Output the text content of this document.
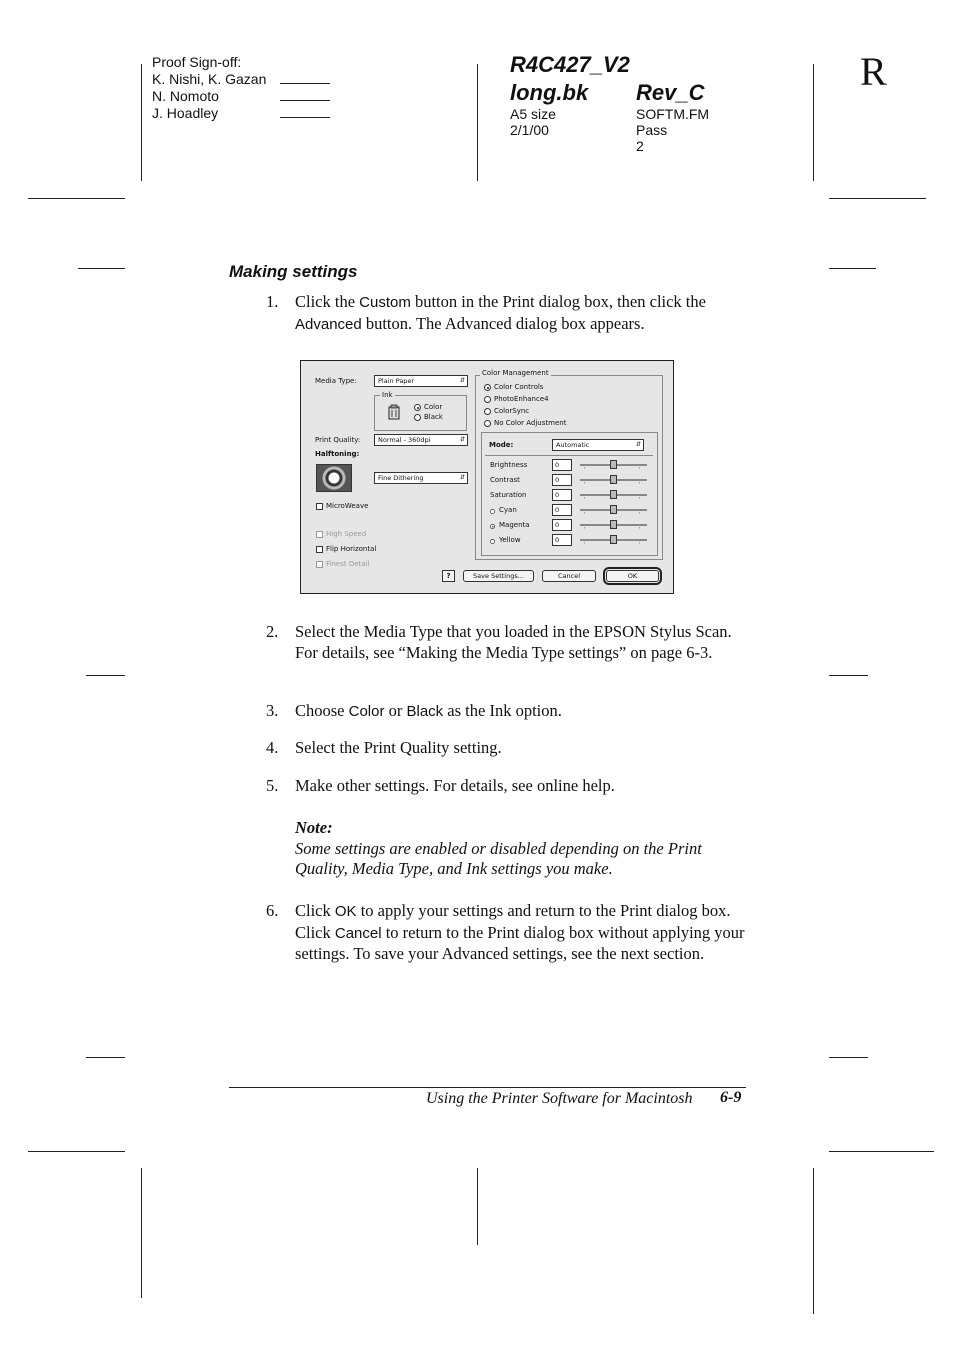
Proof Sign-off:
K. Nishi, K. Gazan
N. Nomoto
J. Hoadley
R4C427_V2
long.bk Rev_C
A5 size	SOFTM.FM
2/1/00	Pass 2
R
Making settings
1. Click the Custom button in the Print dialog box, then click the Advanced button. The Advanced dialog box appears.
Media Type:	Plain Paper	⇵
Ink
Color
Black
Print Quality:	Normal - 360dpi	⇵
Halftoning:
Fine Dithering	⇵
MicroWeave
High Speed
Flip Horizontal
Finest Detail
Color Management
Color Controls
PhotoEnhance4
ColorSync
No Color Adjustment
Mode:	Automatic	⇵
Brightness	0
'''
Contrast	0
'''
Saturation	0
'''
Cyan	0
'''
Magenta	0
'''
Yellow	0
'''
?	Save Settings...	Cancel	OK
2. Select the Media Type that you loaded in the EPSON Stylus Scan. For details, see “Making the Media Type settings” on page 6-3.
3. Choose Color or Black as the Ink option.
4. Select the Print Quality setting.
5. Make other settings. For details, see online help.
Note:
Some settings are enabled or disabled depending on the Print Quality, Media Type, and Ink settings you make.
6. Click OK to apply your settings and return to the Print dialog box. Click Cancel to return to the Print dialog box without applying your settings. To save your Advanced settings, see the next section.
Using the Printer Software for Macintosh 6-9
